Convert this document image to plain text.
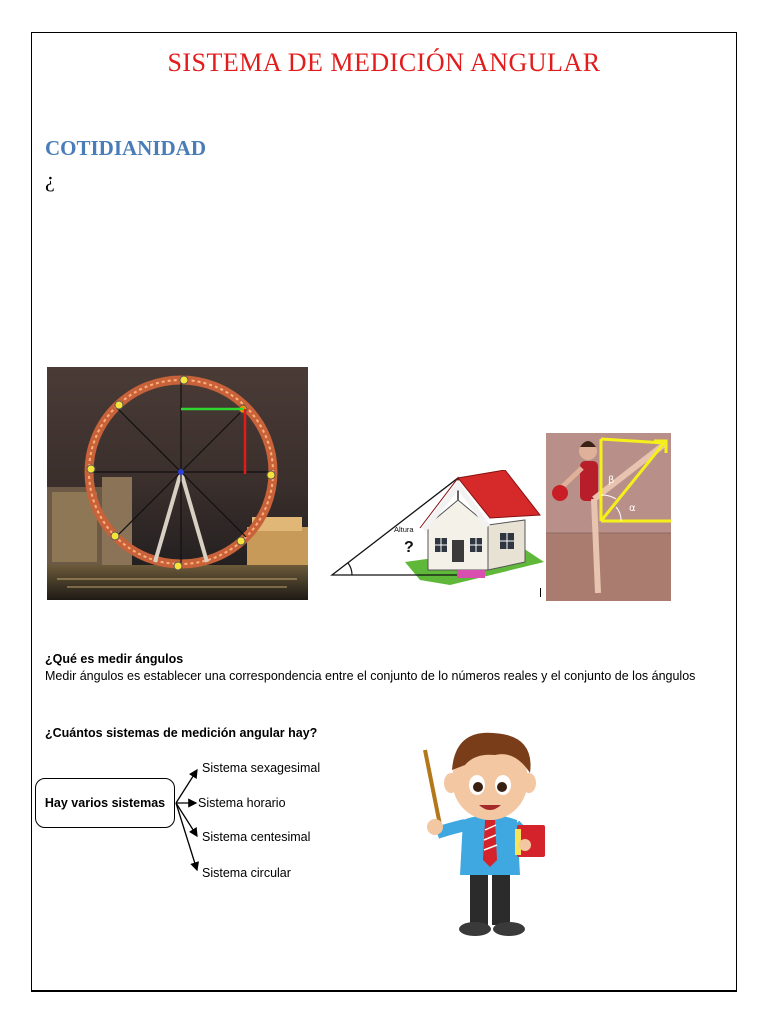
SISTEMA DE MEDICIÓN ANGULAR
COTIDIANIDAD
¿
Altura
?
β
α
¿Qué es medir ángulos
Medir ángulos es establecer una correspondencia entre el conjunto de lo números reales y el conjunto de los ángulos
¿Cuántos sistemas de medición angular hay?
Hay varios sistemas
Sistema sexagesimal
Sistema horario
Sistema centesimal
Sistema circular
